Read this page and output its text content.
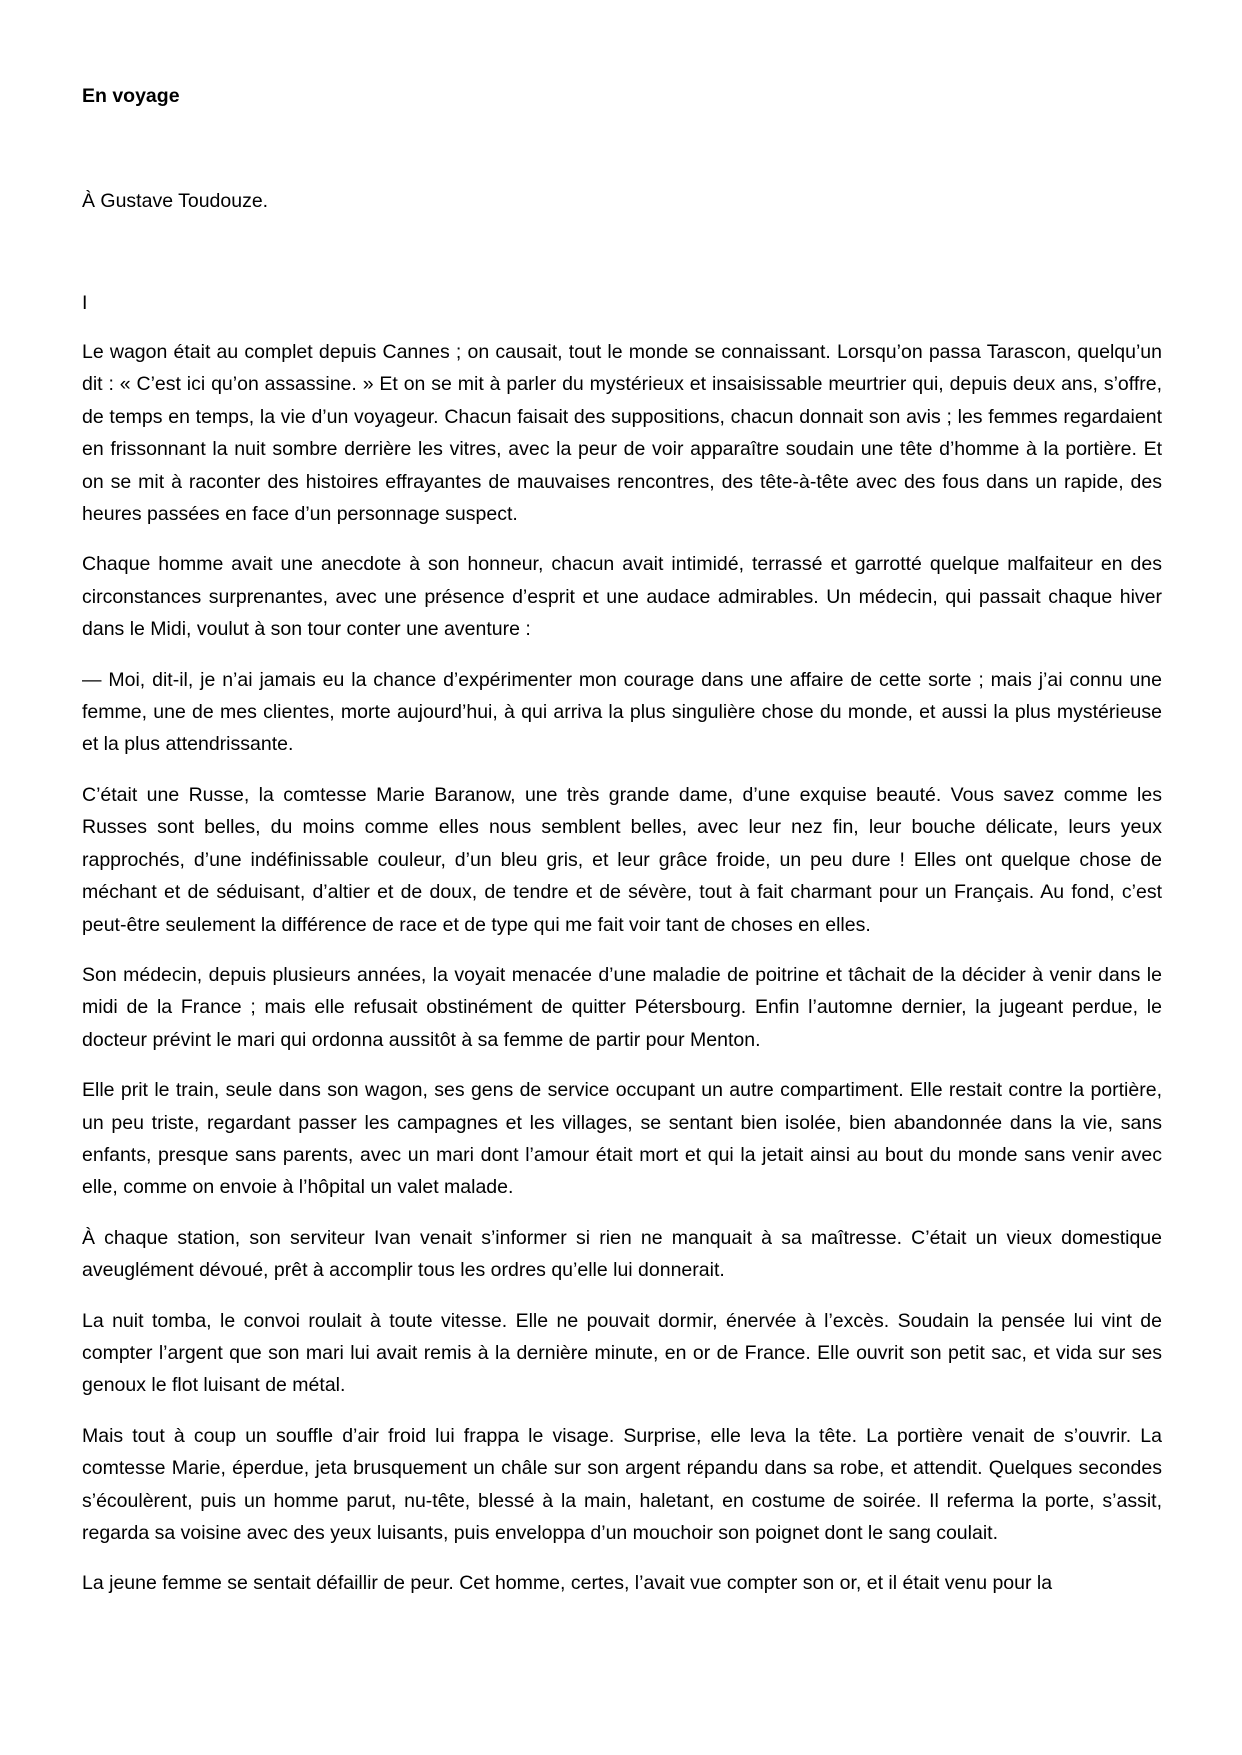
En voyage

À Gustave Toudouze.

I

Le wagon était au complet depuis Cannes ; on causait, tout le monde se connaissant. Lorsqu’on passa Tarascon, quelqu’un dit : « C’est ici qu’on assassine. » Et on se mit à parler du mystérieux et insaisissable meurtrier qui, depuis deux ans, s’offre, de temps en temps, la vie d’un voyageur. Chacun faisait des suppositions, chacun donnait son avis ; les femmes regardaient en frissonnant la nuit sombre derrière les vitres, avec la peur de voir apparaître soudain une tête d’homme à la portière. Et on se mit à raconter des histoires effrayantes de mauvaises rencontres, des tête-à-tête avec des fous dans un rapide, des heures passées en face d’un personnage suspect.

Chaque homme avait une anecdote à son honneur, chacun avait intimidé, terrassé et garrotté quelque malfaiteur en des circonstances surprenantes, avec une présence d’esprit et une audace admirables. Un médecin, qui passait chaque hiver dans le Midi, voulut à son tour conter une aventure :

— Moi, dit-il, je n’ai jamais eu la chance d’expérimenter mon courage dans une affaire de cette sorte ; mais j’ai connu une femme, une de mes clientes, morte aujourd’hui, à qui arriva la plus singulière chose du monde, et aussi la plus mystérieuse et la plus attendrissante.

C’était une Russe, la comtesse Marie Baranow, une très grande dame, d’une exquise beauté. Vous savez comme les Russes sont belles, du moins comme elles nous semblent belles, avec leur nez fin, leur bouche délicate, leurs yeux rapprochés, d’une indéfinissable couleur, d’un bleu gris, et leur grâce froide, un peu dure ! Elles ont quelque chose de méchant et de séduisant, d’altier et de doux, de tendre et de sévère, tout à fait charmant pour un Français. Au fond, c’est peut-être seulement la différence de race et de type qui me fait voir tant de choses en elles.

Son médecin, depuis plusieurs années, la voyait menacée d’une maladie de poitrine et tâchait de la décider à venir dans le midi de la France ; mais elle refusait obstinément de quitter Pétersbourg. Enfin l’automne dernier, la jugeant perdue, le docteur prévint le mari qui ordonna aussitôt à sa femme de partir pour Menton.

Elle prit le train, seule dans son wagon, ses gens de service occupant un autre compartiment. Elle restait contre la portière, un peu triste, regardant passer les campagnes et les villages, se sentant bien isolée, bien abandonnée dans la vie, sans enfants, presque sans parents, avec un mari dont l’amour était mort et qui la jetait ainsi au bout du monde sans venir avec elle, comme on envoie à l’hôpital un valet malade.

À chaque station, son serviteur Ivan venait s’informer si rien ne manquait à sa maîtresse. C’était un vieux domestique aveuglément dévoué, prêt à accomplir tous les ordres qu’elle lui donnerait.

La nuit tomba, le convoi roulait à toute vitesse. Elle ne pouvait dormir, énervée à l’excès. Soudain la pensée lui vint de compter l’argent que son mari lui avait remis à la dernière minute, en or de France. Elle ouvrit son petit sac, et vida sur ses genoux le flot luisant de métal.

Mais tout à coup un souffle d’air froid lui frappa le visage. Surprise, elle leva la tête. La portière venait de s’ouvrir. La comtesse Marie, éperdue, jeta brusquement un châle sur son argent répandu dans sa robe, et attendit. Quelques secondes s’écoulèrent, puis un homme parut, nu-tête, blessé à la main, haletant, en costume de soirée. Il referma la porte, s’assit, regarda sa voisine avec des yeux luisants, puis enveloppa d’un mouchoir son poignet dont le sang coulait.

La jeune femme se sentait défaillir de peur. Cet homme, certes, l’avait vue compter son or, et il était venu pour la
